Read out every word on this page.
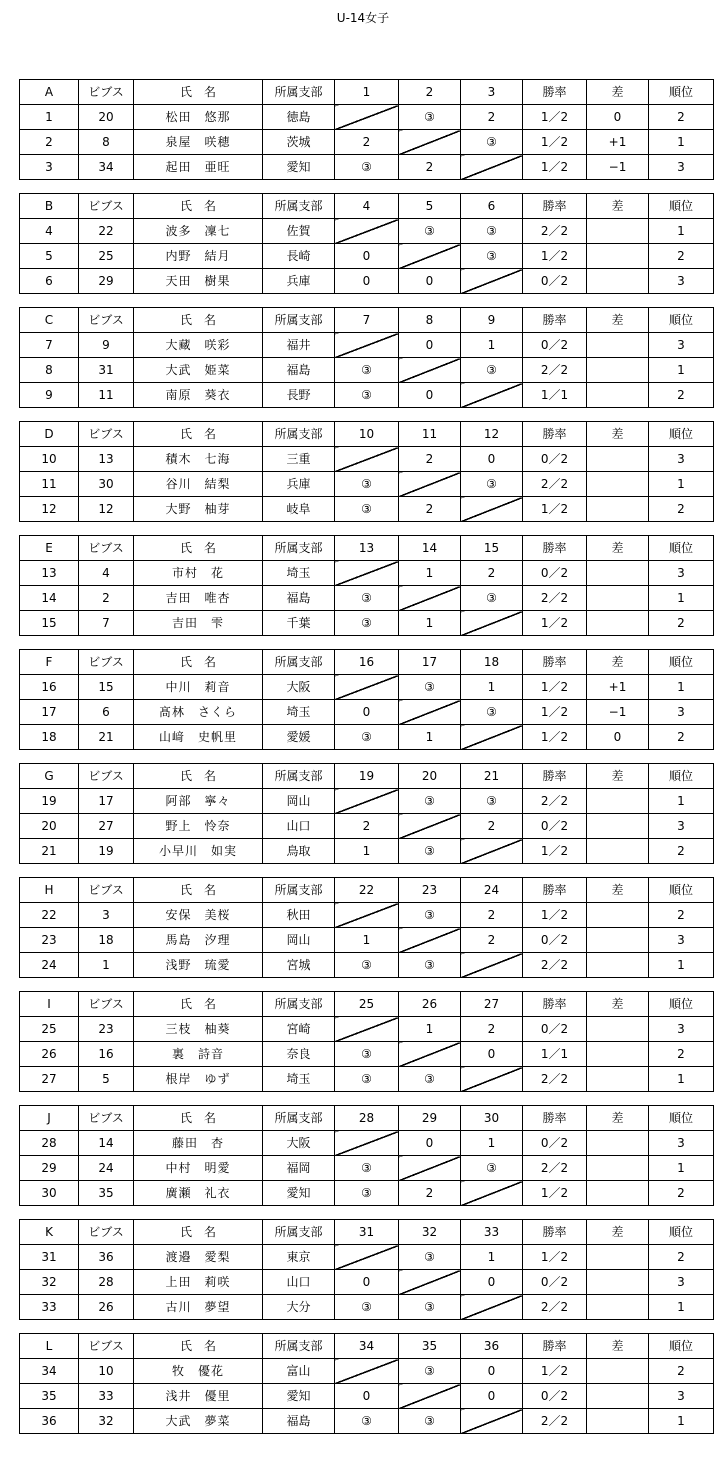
U-14女子
A	ビブス	氏　名	所属支部	1	2	3	勝率	差	順位
1	20	松田　悠那	徳島		③	2	1／2	0	2
2	8	泉屋　咲穂	茨城	2		③	1／2	+1	1
3	34	起田　亜旺	愛知	③	2		1／2	−1	3
B	ビブス	氏　名	所属支部	4	5	6	勝率	差	順位
4	22	波多　凜七	佐賀		③	③	2／2		1
5	25	内野　結月	長崎	0		③	1／2		2
6	29	天田　樹果	兵庫	0	0		0／2		3
C	ビブス	氏　名	所属支部	7	8	9	勝率	差	順位
7	9	大藏　咲彩	福井		0	1	0／2		3
8	31	大武　姫菜	福島	③		③	2／2		1
9	11	南原　葵衣	長野	③	0		1／1		2
D	ビブス	氏　名	所属支部	10	11	12	勝率	差	順位
10	13	積木　七海	三重		2	0	0／2		3
11	30	谷川　結梨	兵庫	③		③	2／2		1
12	12	大野　柚芽	岐阜	③	2		1／2		2
E	ビブス	氏　名	所属支部	13	14	15	勝率	差	順位
13	4	市村　花	埼玉		1	2	0／2		3
14	2	吉田　唯杏	福島	③		③	2／2		1
15	7	吉田　雫	千葉	③	1		1／2		2
F	ビブス	氏　名	所属支部	16	17	18	勝率	差	順位
16	15	中川　莉音	大阪		③	1	1／2	+1	1
17	6	髙林　さくら	埼玉	0		③	1／2	−1	3
18	21	山﨑　史帆里	愛媛	③	1		1／2	0	2
G	ビブス	氏　名	所属支部	19	20	21	勝率	差	順位
19	17	阿部　寧々	岡山		③	③	2／2		1
20	27	野上　怜奈	山口	2		2	0／2		3
21	19	小早川　如実	鳥取	1	③		1／2		2
H	ビブス	氏　名	所属支部	22	23	24	勝率	差	順位
22	3	安保　美桜	秋田		③	2	1／2		2
23	18	馬島　汐理	岡山	1		2	0／2		3
24	1	浅野　琉愛	宮城	③	③		2／2		1
I	ビブス	氏　名	所属支部	25	26	27	勝率	差	順位
25	23	三枝　柚葵	宮崎		1	2	0／2		3
26	16	裏　詩音	奈良	③		0	1／1		2
27	5	根岸　ゆず	埼玉	③	③		2／2		1
J	ビブス	氏　名	所属支部	28	29	30	勝率	差	順位
28	14	藤田　杏	大阪		0	1	0／2		3
29	24	中村　明愛	福岡	③		③	2／2		1
30	35	廣瀬　礼衣	愛知	③	2		1／2		2
K	ビブス	氏　名	所属支部	31	32	33	勝率	差	順位
31	36	渡邉　愛梨	東京		③	1	1／2		2
32	28	上田　莉咲	山口	0		0	0／2		3
33	26	古川　夢望	大分	③	③		2／2		1
L	ビブス	氏　名	所属支部	34	35	36	勝率	差	順位
34	10	牧　優花	富山		③	0	1／2		2
35	33	浅井　優里	愛知	0		0	0／2		3
36	32	大武　夢菜	福島	③	③		2／2		1
